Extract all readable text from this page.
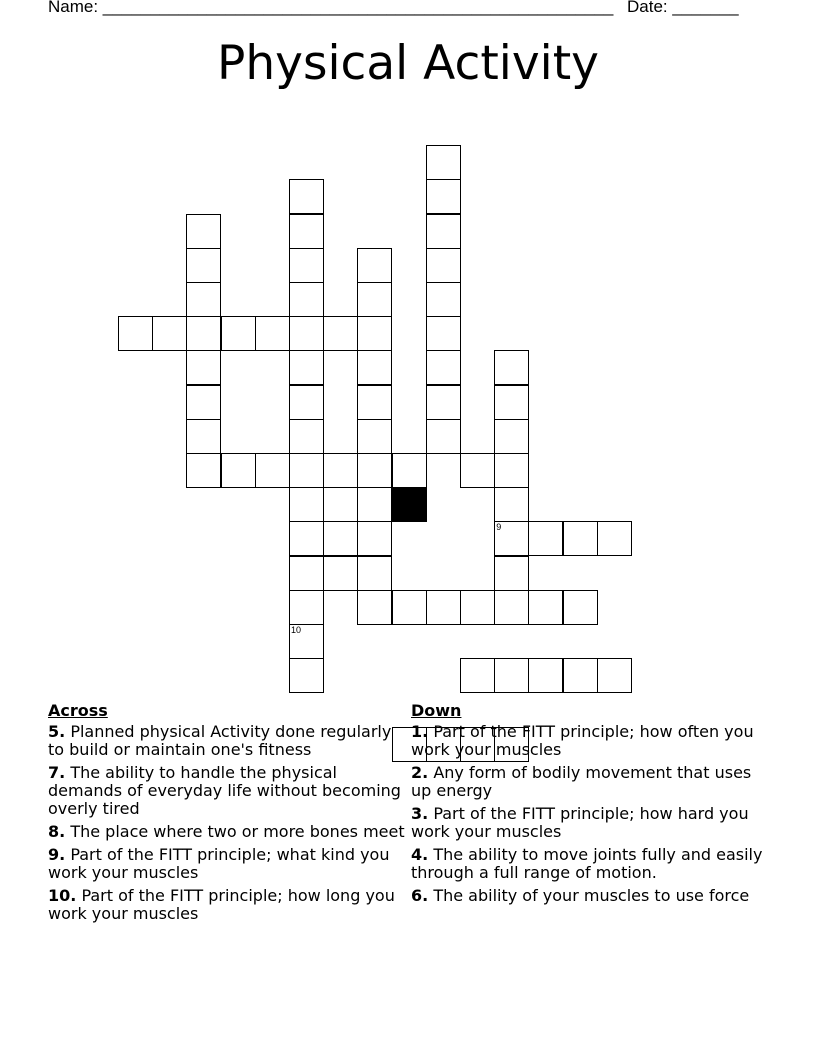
Name: ______________________________________________________ Date: _______
Physical Activity
10
9
Across
5. Planned physical Activity done regularly to build or maintain one's fitness
7. The ability to handle the physical demands of everyday life without becoming overly tired
8. The place where two or more bones meet
9. Part of the FITT principle; what kind you work your muscles
10. Part of the FITT principle; how long you work your muscles
Down
1. Part of the FITT principle; how often you work your muscles
2. Any form of bodily movement that uses up energy
3. Part of the FITT principle; how hard you work your muscles
4. The ability to move joints fully and easily through a full range of motion.
6. The ability of your muscles to use force
